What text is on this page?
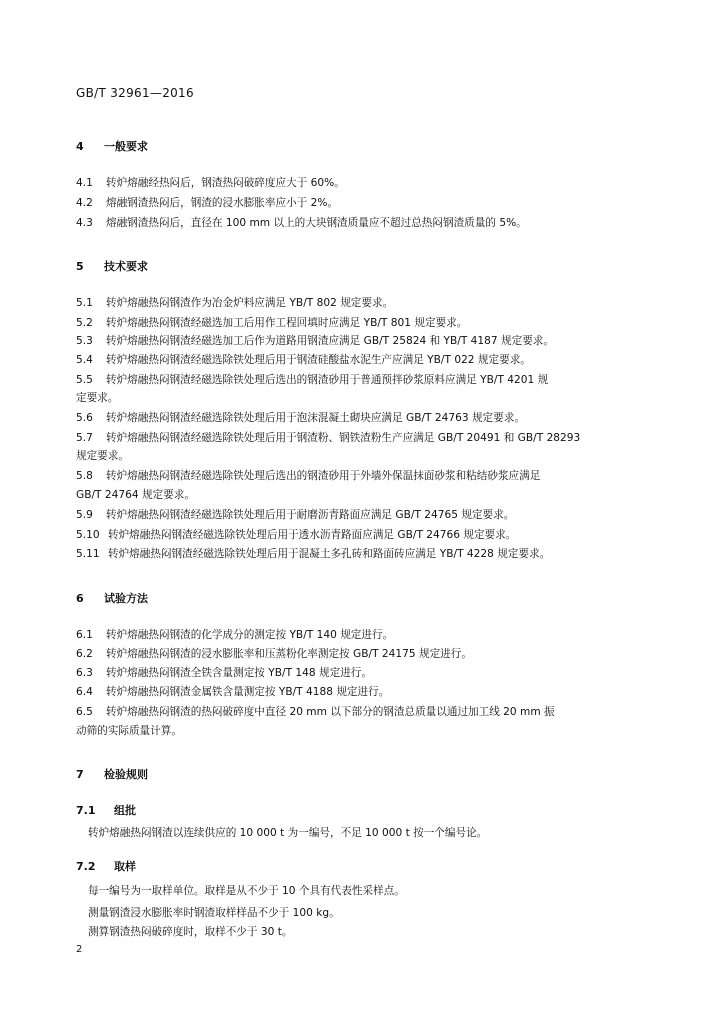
GB/T 32961—2016
4 一般要求
4.1 转炉熔融经热闷后，钢渣热闷破碎度应大于 60%。
4.2 熔融钢渣热闷后，钢渣的浸水膨胀率应小于 2%。
4.3 熔融钢渣热闷后，直径在 100 mm 以上的大块钢渣质量应不超过总热闷钢渣质量的 5%。
5 技术要求
5.1 转炉熔融热闷钢渣作为冶金炉料应满足 YB/T 802 规定要求。
5.2 转炉熔融热闷钢渣经磁选加工后用作工程回填时应满足 YB/T 801 规定要求。
5.3 转炉熔融热闷钢渣经磁选加工后作为道路用钢渣应满足 GB/T 25824 和 YB/T 4187 规定要求。
5.4 转炉熔融热闷钢渣经磁选除铁处理后用于钢渣硅酸盐水泥生产应满足 YB/T 022 规定要求。
5.5 转炉熔融热闷钢渣经磁选除铁处理后选出的钢渣砂用于普通预拌砂浆原料应满足 YB/T 4201 规
定要求。
5.6 转炉熔融热闷钢渣经磁选除铁处理后用于泡沫混凝土砌块应满足 GB/T 24763 规定要求。
5.7 转炉熔融热闷钢渣经磁选除铁处理后用于钢渣粉、钢铁渣粉生产应满足 GB/T 20491 和 GB/T 28293
规定要求。
5.8 转炉熔融热闷钢渣经磁选除铁处理后选出的钢渣砂用于外墙外保温抹面砂浆和粘结砂浆应满足
GB/T 24764 规定要求。
5.9 转炉熔融热闷钢渣经磁选除铁处理后用于耐磨沥青路面应满足 GB/T 24765 规定要求。
5.10 转炉熔融热闷钢渣经磁选除铁处理后用于透水沥青路面应满足 GB/T 24766 规定要求。
5.11 转炉熔融热闷钢渣经磁选除铁处理后用于混凝土多孔砖和路面砖应满足 YB/T 4228 规定要求。
6 试验方法
6.1 转炉熔融热闷钢渣的化学成分的测定按 YB/T 140 规定进行。
6.2 转炉熔融热闷钢渣的浸水膨胀率和压蒸粉化率测定按 GB/T 24175 规定进行。
6.3 转炉熔融热闷钢渣全铁含量测定按 YB/T 148 规定进行。
6.4 转炉熔融热闷钢渣金属铁含量测定按 YB/T 4188 规定进行。
6.5 转炉熔融热闷钢渣的热闷破碎度中直径 20 mm 以下部分的钢渣总质量以通过加工线 20 mm 振
动筛的实际质量计算。
7 检验规则
7.1 组批
转炉熔融热闷钢渣以连续供应的 10 000 t 为一编号，不足 10 000 t 按一个编号论。
7.2 取样
每一编号为一取样单位。取样是从不少于 10 个具有代表性采样点。
测量钢渣浸水膨胀率时钢渣取样样品不少于 100 kg。
测算钢渣热闷破碎度时，取样不少于 30 t。
2
